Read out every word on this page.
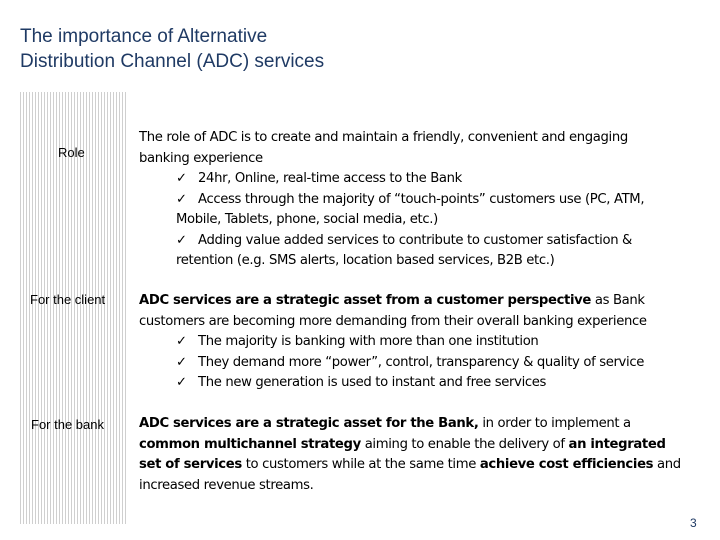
The importance of Alternative
Distribution Channel (ADC) services
Role
The role of ADC is to create and maintain a friendly, convenient and engaging
banking experience
✓ 24hr, Online, real-time access to the Bank
✓ Access through the majority of “touch-points” customers use (PC, ATM,
Mobile, Tablets, phone, social media, etc.)
✓ Adding value added services to contribute to customer satisfaction &
retention (e.g. SMS alerts, location based services, B2B etc.)
For the client	ADC services are a strategic asset from a customer perspective as Bank
customers are becoming more demanding from their overall banking experience
✓ The majority is banking with more than one institution
✓ They demand more “power”, control, transparency & quality of service
✓ The new generation is used to instant and free services
For the bank	ADC services are a strategic asset for the Bank, in order to implement a
common multichannel strategy aiming to enable the delivery of an integrated
set of services to customers while at the same time achieve cost efficiencies and
increased revenue streams.
3
